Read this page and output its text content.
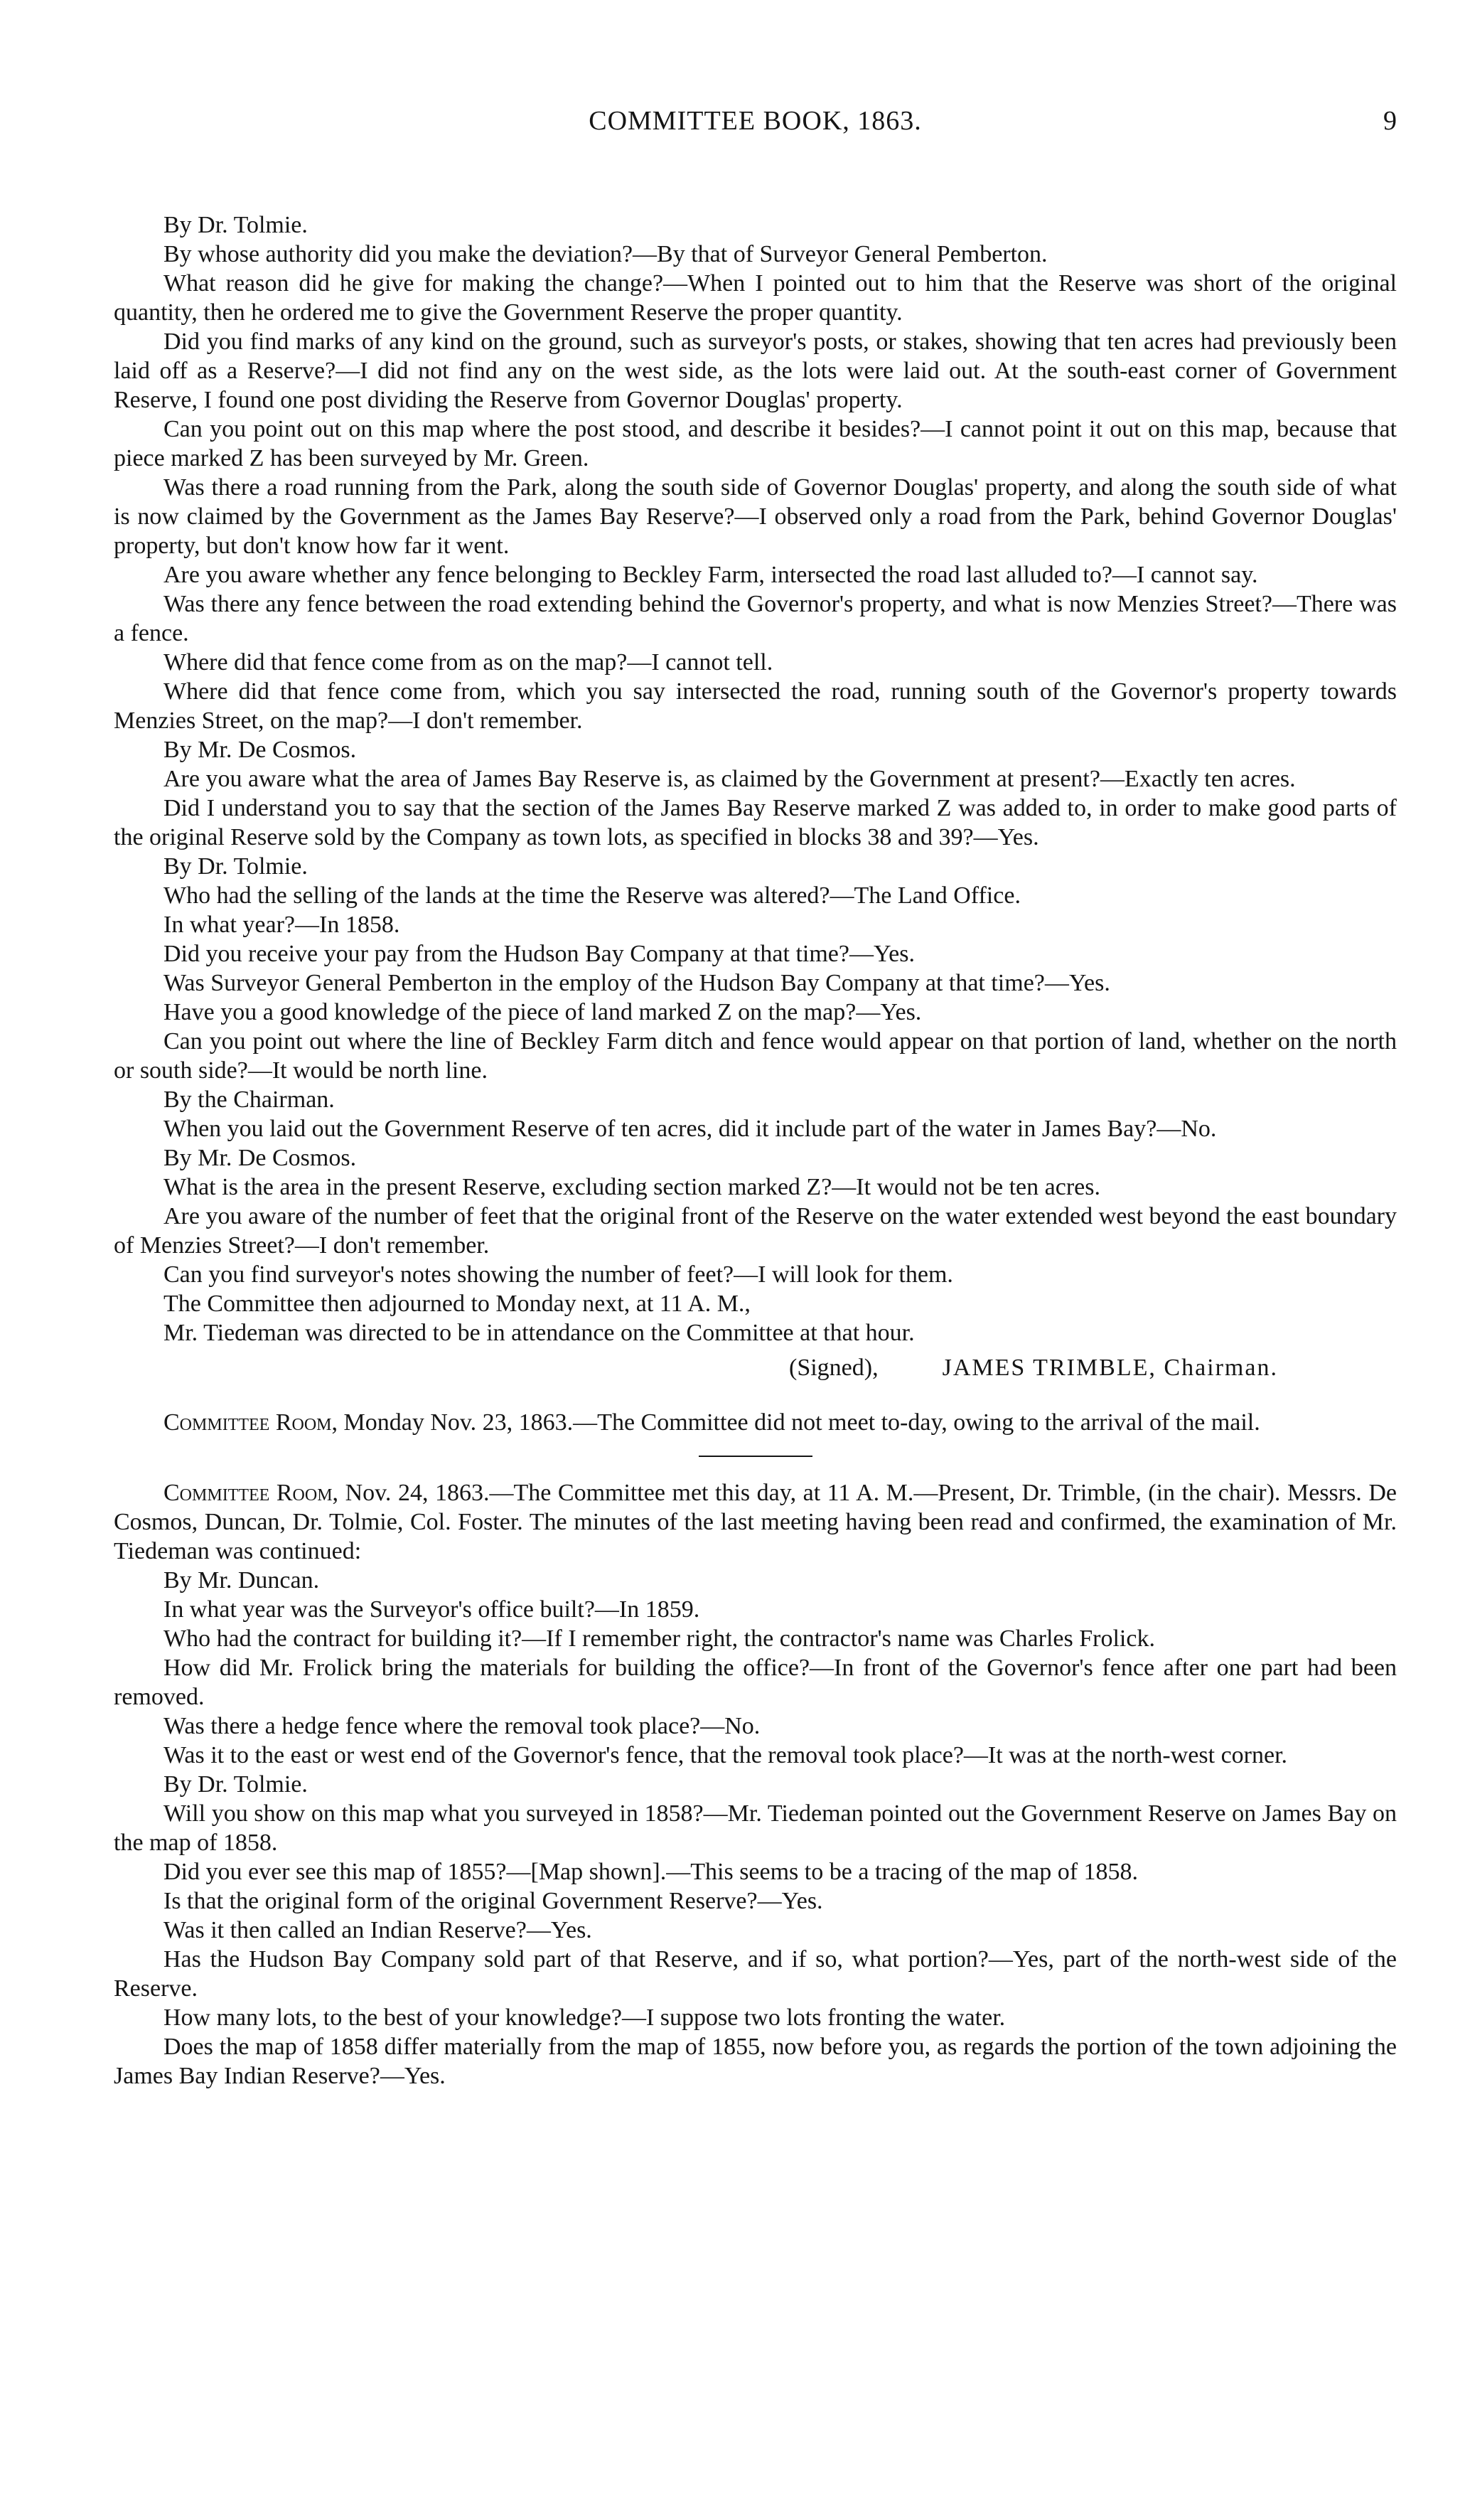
COMMITTEE BOOK, 1863.	9

By Dr. Tolmie.

By whose authority did you make the deviation?—By that of Surveyor General Pemberton.

What reason did he give for making the change?—When I pointed out to him that the Reserve was short of the original quantity, then he ordered me to give the Government Reserve the proper quantity.

Did you find marks of any kind on the ground, such as surveyor's posts, or stakes, showing that ten acres had previously been laid off as a Reserve?—I did not find any on the west side, as the lots were laid out. At the south-east corner of Government Reserve, I found one post dividing the Reserve from Governor Douglas' property.

Can you point out on this map where the post stood, and describe it besides?—I cannot point it out on this map, because that piece marked Z has been surveyed by Mr. Green.

Was there a road running from the Park, along the south side of Governor Douglas' property, and along the south side of what is now claimed by the Government as the James Bay Reserve?—I observed only a road from the Park, behind Governor Douglas' property, but don't know how far it went.

Are you aware whether any fence belonging to Beckley Farm, intersected the road last alluded to?—I cannot say.

Was there any fence between the road extending behind the Governor's property, and what is now Menzies Street?—There was a fence.

Where did that fence come from as on the map?—I cannot tell.

Where did that fence come from, which you say intersected the road, running south of the Governor's property towards Menzies Street, on the map?—I don't remember.

By Mr. De Cosmos.

Are you aware what the area of James Bay Reserve is, as claimed by the Government at present?—Exactly ten acres.

Did I understand you to say that the section of the James Bay Reserve marked Z was added to, in order to make good parts of the original Reserve sold by the Company as town lots, as specified in blocks 38 and 39?—Yes.

By Dr. Tolmie.

Who had the selling of the lands at the time the Reserve was altered?—The Land Office.

In what year?—In 1858.

Did you receive your pay from the Hudson Bay Company at that time?—Yes.

Was Surveyor General Pemberton in the employ of the Hudson Bay Company at that time?—Yes.

Have you a good knowledge of the piece of land marked Z on the map?—Yes.

Can you point out where the line of Beckley Farm ditch and fence would appear on that portion of land, whether on the north or south side?—It would be north line.

By the Chairman.

When you laid out the Government Reserve of ten acres, did it include part of the water in James Bay?—No.

By Mr. De Cosmos.

What is the area in the present Reserve, excluding section marked Z?—It would not be ten acres.

Are you aware of the number of feet that the original front of the Reserve on the water extended west beyond the east boundary of Menzies Street?—I don't remember.

Can you find surveyor's notes showing the number of feet?—I will look for them.

The Committee then adjourned to Monday next, at 11 A. M.,

Mr. Tiedeman was directed to be in attendance on the Committee at that hour.

(Signed),	JAMES TRIMBLE, Chairman.

Committee Room, Monday Nov. 23, 1863.—The Committee did not meet to-day, owing to the arrival of the mail.

Committee Room, Nov. 24, 1863.—The Committee met this day, at 11 A. M.—Present, Dr. Trimble, (in the chair). Messrs. De Cosmos, Duncan, Dr. Tolmie, Col. Foster. The minutes of the last meeting having been read and confirmed, the examination of Mr. Tiedeman was continued:

By Mr. Duncan.

In what year was the Surveyor's office built?—In 1859.

Who had the contract for building it?—If I remember right, the contractor's name was Charles Frolick.

How did Mr. Frolick bring the materials for building the office?—In front of the Governor's fence after one part had been removed.

Was there a hedge fence where the removal took place?—No.

Was it to the east or west end of the Governor's fence, that the removal took place?—It was at the north-west corner.

By Dr. Tolmie.

Will you show on this map what you surveyed in 1858?—Mr. Tiedeman pointed out the Government Reserve on James Bay on the map of 1858.

Did you ever see this map of 1855?—[Map shown].—This seems to be a tracing of the map of 1858.

Is that the original form of the original Government Reserve?—Yes.

Was it then called an Indian Reserve?—Yes.

Has the Hudson Bay Company sold part of that Reserve, and if so, what portion?—Yes, part of the north-west side of the Reserve.

How many lots, to the best of your knowledge?—I suppose two lots fronting the water.

Does the map of 1858 differ materially from the map of 1855, now before you, as regards the portion of the town adjoining the James Bay Indian Reserve?—Yes.
